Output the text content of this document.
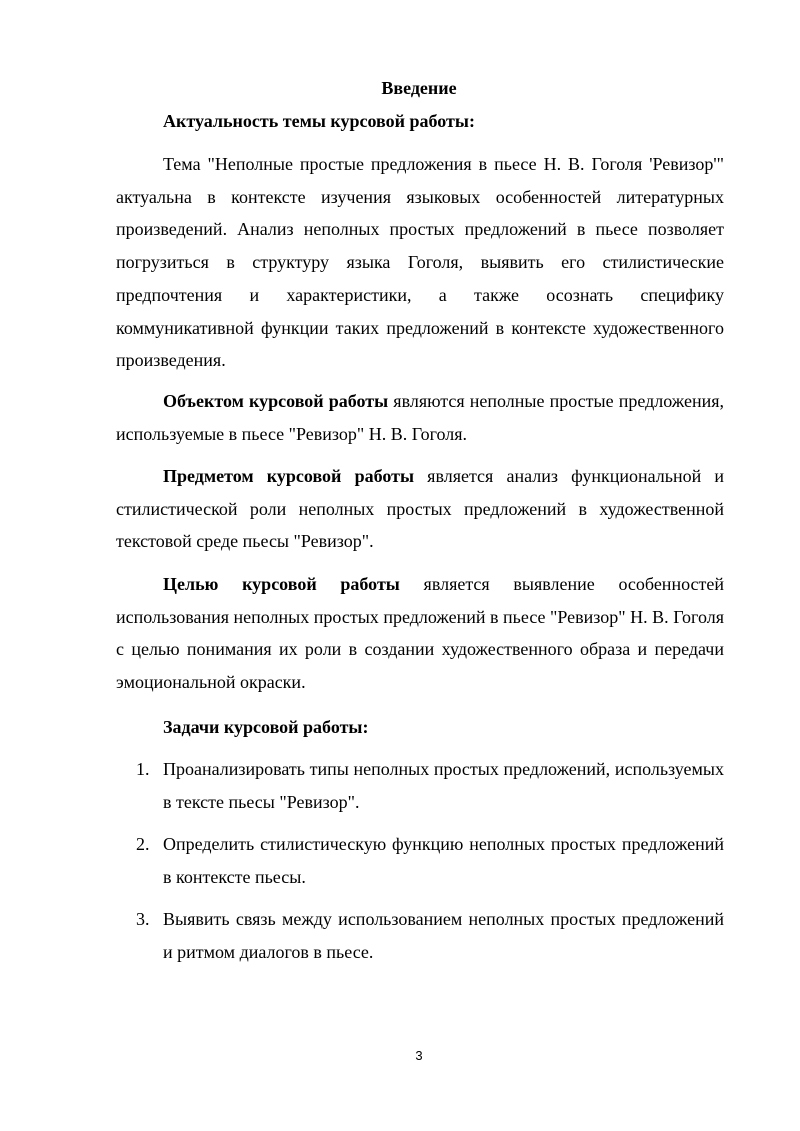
Введение
Актуальность темы курсовой работы:

Тема "Неполные простые предложения в пьесе Н. В. Гоголя 'Ревизор'" актуальна в контексте изучения языковых особенностей литературных произведений. Анализ неполных простых предложений в пьесе позволяет погрузиться в структуру языка Гоголя, выявить его стилистические предпочтения и характеристики, а также осознать специфику коммуникативной функции таких предложений в контексте художественного произведения.

Объектом курсовой работы являются неполные простые предложения, используемые в пьесе "Ревизор" Н. В. Гоголя.

Предметом курсовой работы является анализ функциональной и стилистической роли неполных простых предложений в художественной текстовой среде пьесы "Ревизор".

Целью курсовой работы является выявление особенностей использования неполных простых предложений в пьесе "Ревизор" Н. В. Гоголя с целью понимания их роли в создании художественного образа и передачи эмоциональной окраски.

Задачи курсовой работы:

1. Проанализировать типы неполных простых предложений, используемых в тексте пьесы "Ревизор".

2. Определить стилистическую функцию неполных простых предложений в контексте пьесы.

3. Выявить связь между использованием неполных простых предложений и ритмом диалогов в пьесе.

3
